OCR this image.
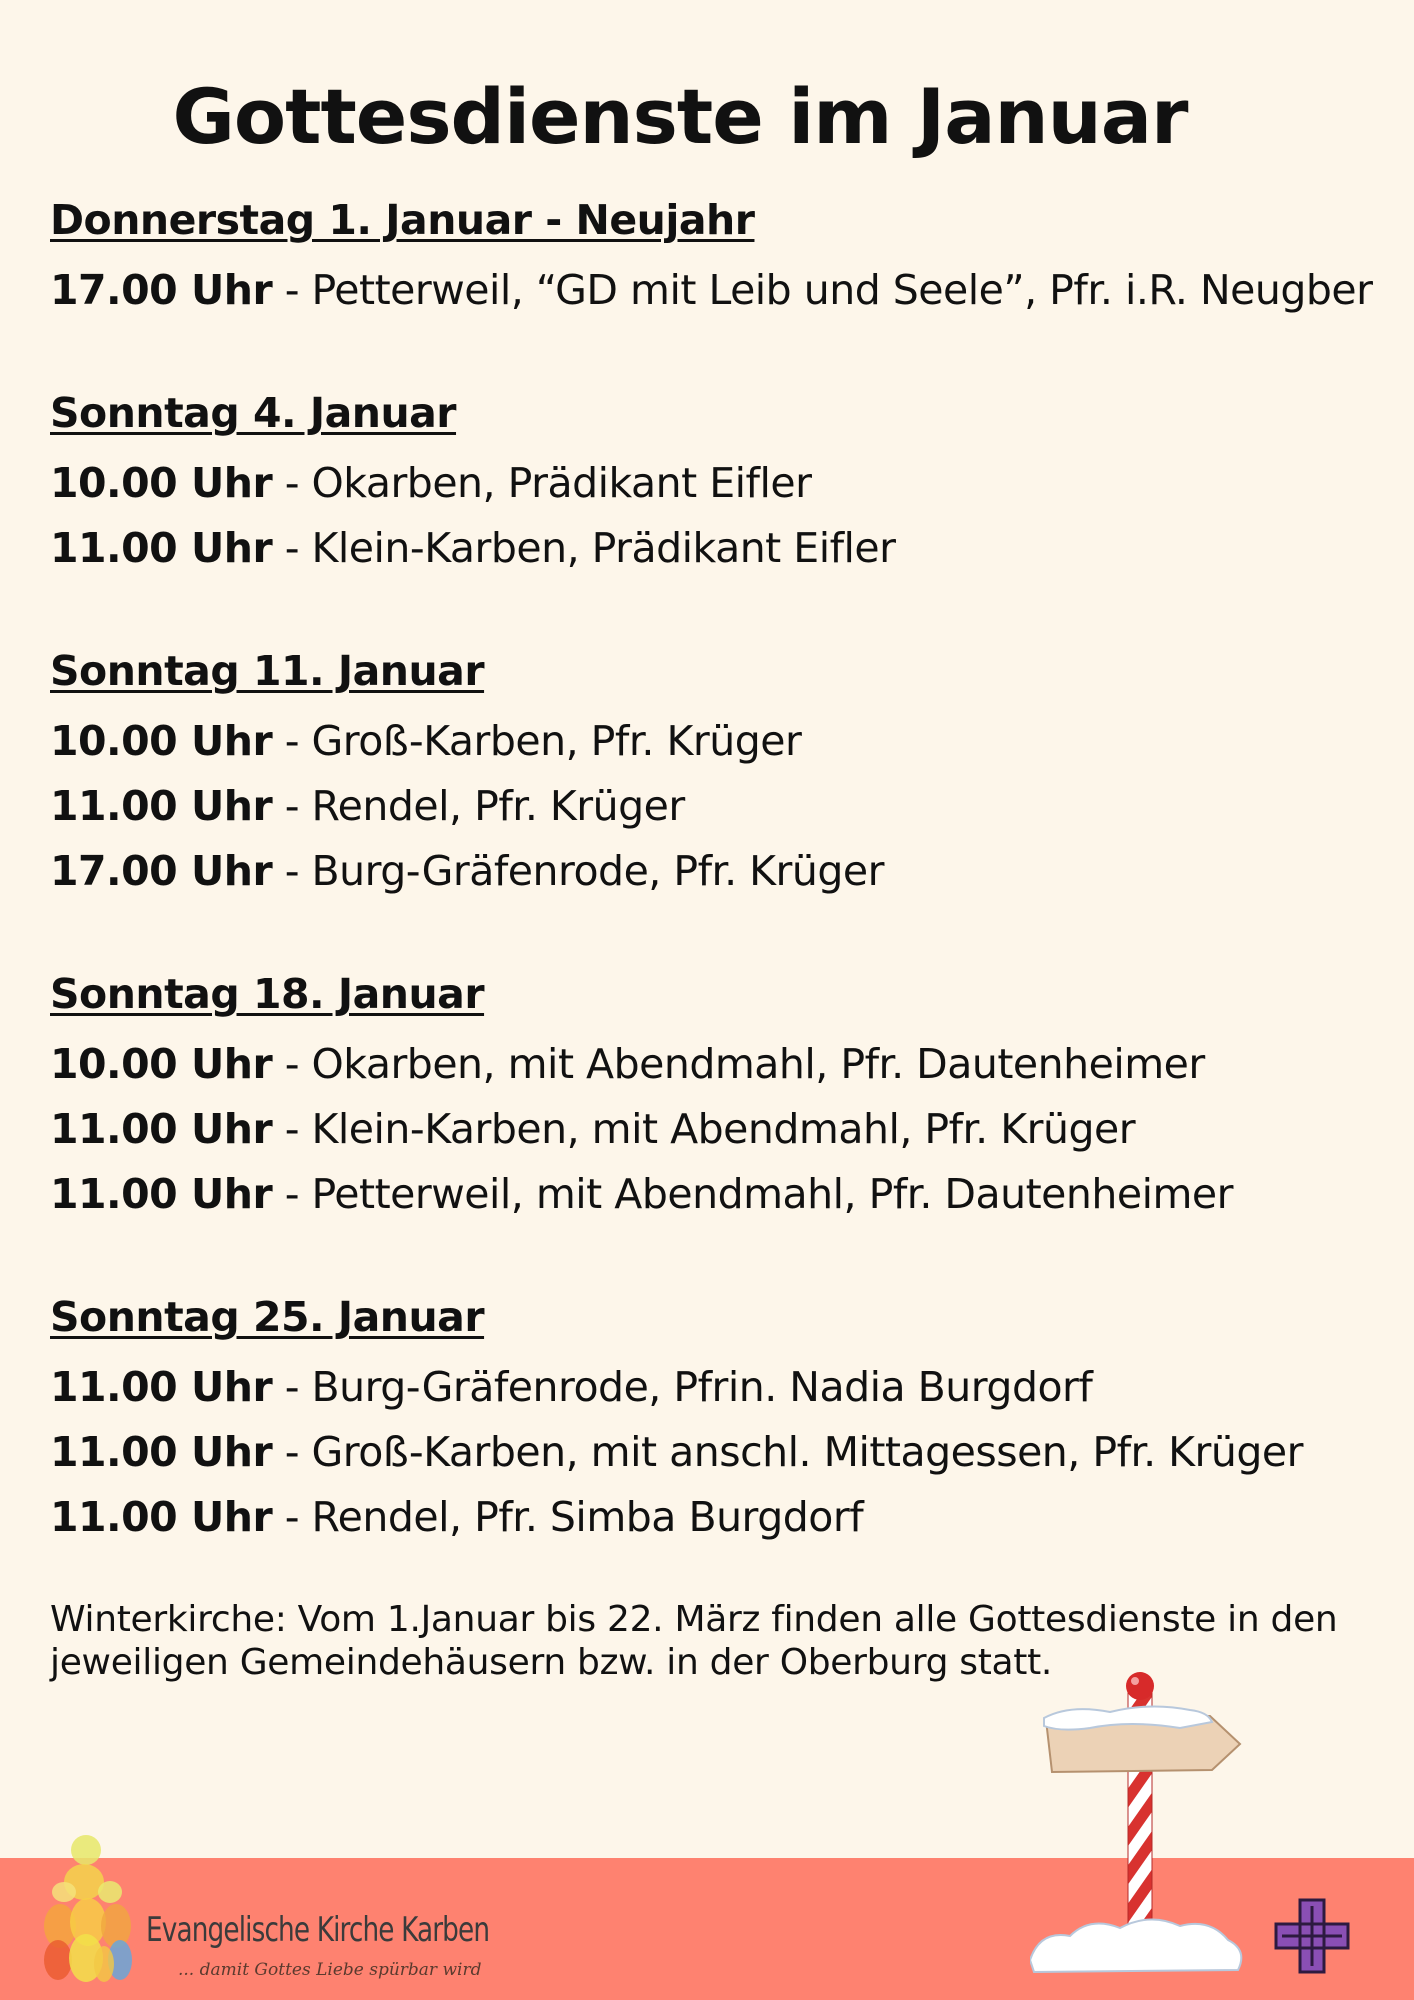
Gottesdienste im Januar
Donnerstag 1. Januar - Neujahr
17.00 Uhr - Petterweil, “GD mit Leib und Seele”, Pfr. i.R. Neugber
Sonntag 4. Januar
10.00 Uhr - Okarben, Prädikant Eifler
11.00 Uhr - Klein-Karben, Prädikant Eifler
Sonntag 11. Januar
10.00 Uhr - Groß-Karben, Pfr. Krüger
11.00 Uhr - Rendel, Pfr. Krüger
17.00 Uhr - Burg-Gräfenrode, Pfr. Krüger
Sonntag 18. Januar
10.00 Uhr - Okarben, mit Abendmahl, Pfr. Dautenheimer
11.00 Uhr - Klein-Karben, mit Abendmahl, Pfr. Krüger
11.00 Uhr - Petterweil, mit Abendmahl, Pfr. Dautenheimer
Sonntag 25. Januar
11.00 Uhr - Burg-Gräfenrode, Pfrin. Nadia Burgdorf
11.00 Uhr - Groß-Karben, mit anschl. Mittagessen, Pfr. Krüger
11.00 Uhr - Rendel, Pfr. Simba Burgdorf
Winterkirche: Vom 1.Januar bis 22. März finden alle Gottesdienste in den jeweiligen Gemeindehäusern bzw. in der Oberburg statt.
Evangelische Kirche Karben
... damit Gottes Liebe spürbar wird
